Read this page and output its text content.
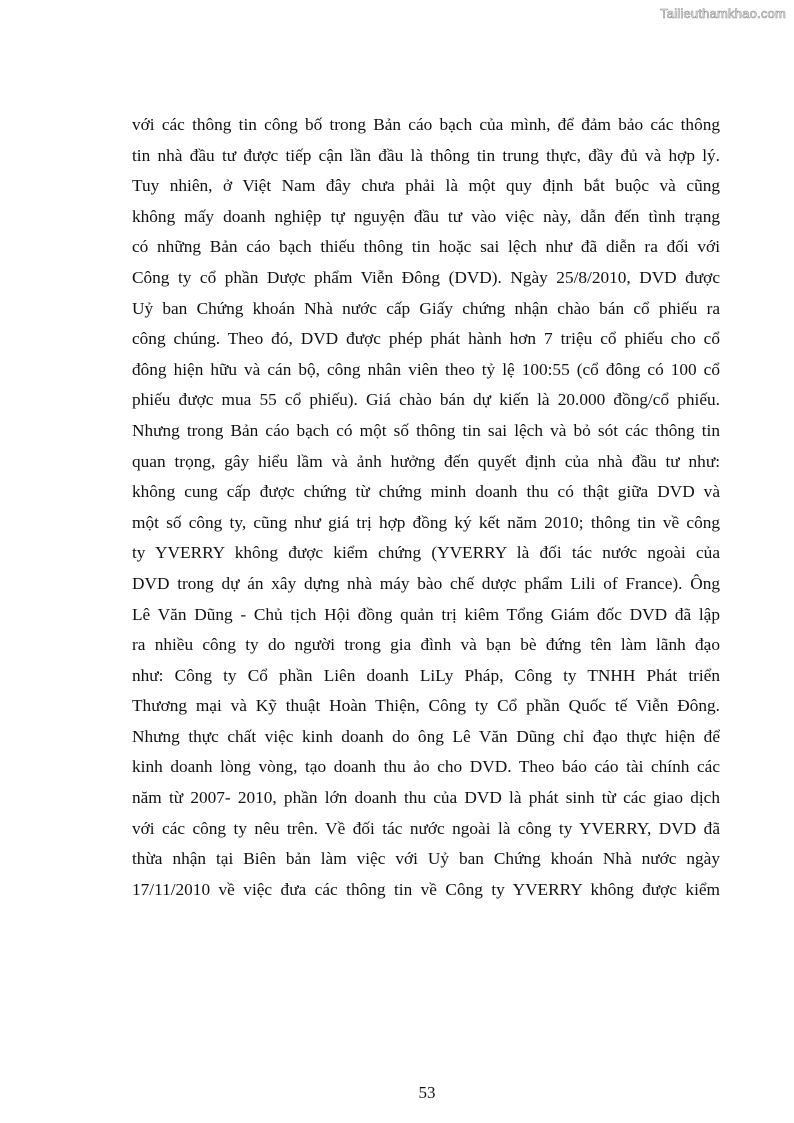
Tailieuthamkhao.com
với các thông tin công bố trong Bản cáo bạch của mình, để đảm bảo các thông
tin nhà đầu tư được tiếp cận lần đầu là thông tin trung thực, đầy đủ và hợp lý.
Tuy nhiên, ở Việt Nam đây chưa phải là một quy định bắt buộc và cũng
không mấy doanh nghiệp tự nguyện đầu tư vào việc này, dẫn đến tình trạng
có những Bản cáo bạch thiếu thông tin hoặc sai lệch như đã diễn ra đối với
Công ty cổ phần Dược phẩm Viễn Đông (DVD). Ngày 25/8/2010, DVD được
Uỷ ban Chứng khoán Nhà nước cấp Giấy chứng nhận chào bán cổ phiếu ra
công chúng. Theo đó, DVD được phép phát hành hơn 7 triệu cổ phiếu cho cổ
đông hiện hữu và cán bộ, công nhân viên theo tỷ lệ 100:55 (cổ đông có 100 cổ
phiếu được mua 55 cổ phiếu). Giá chào bán dự kiến là 20.000 đồng/cổ phiếu.
Nhưng trong Bản cáo bạch có một số thông tin sai lệch và bỏ sót các thông tin
quan trọng, gây hiểu lầm và ảnh hưởng đến quyết định của nhà đầu tư như:
không cung cấp được chứng từ chứng minh doanh thu có thật giữa DVD và
một số công ty, cũng như giá trị hợp đồng ký kết năm 2010; thông tin về công
ty YVERRY không được kiểm chứng (YVERRY là đối tác nước ngoài của
DVD trong dự án xây dựng nhà máy bào chế dược phẩm Lili of France). Ông
Lê Văn Dũng - Chủ tịch Hội đồng quản trị kiêm Tổng Giám đốc DVD đã lập
ra nhiều công ty do người trong gia đình và bạn bè đứng tên làm lãnh đạo
như: Công ty Cổ phần Liên doanh LiLy Pháp, Công ty TNHH Phát triển
Thương mại và Kỹ thuật Hoàn Thiện, Công ty Cổ phần Quốc tế Viễn Đông.
Nhưng thực chất việc kinh doanh do ông Lê Văn Dũng chỉ đạo thực hiện để
kinh doanh lòng vòng, tạo doanh thu ảo cho DVD. Theo báo cáo tài chính các
năm từ 2007- 2010, phần lớn doanh thu của DVD là phát sinh từ các giao dịch
với các công ty nêu trên. Về đối tác nước ngoài là công ty YVERRY, DVD đã
thừa nhận tại Biên bản làm việc với Uỷ ban Chứng khoán Nhà nước ngày
17/11/2010 về việc đưa các thông tin về Công ty YVERRY không được kiểm
53
